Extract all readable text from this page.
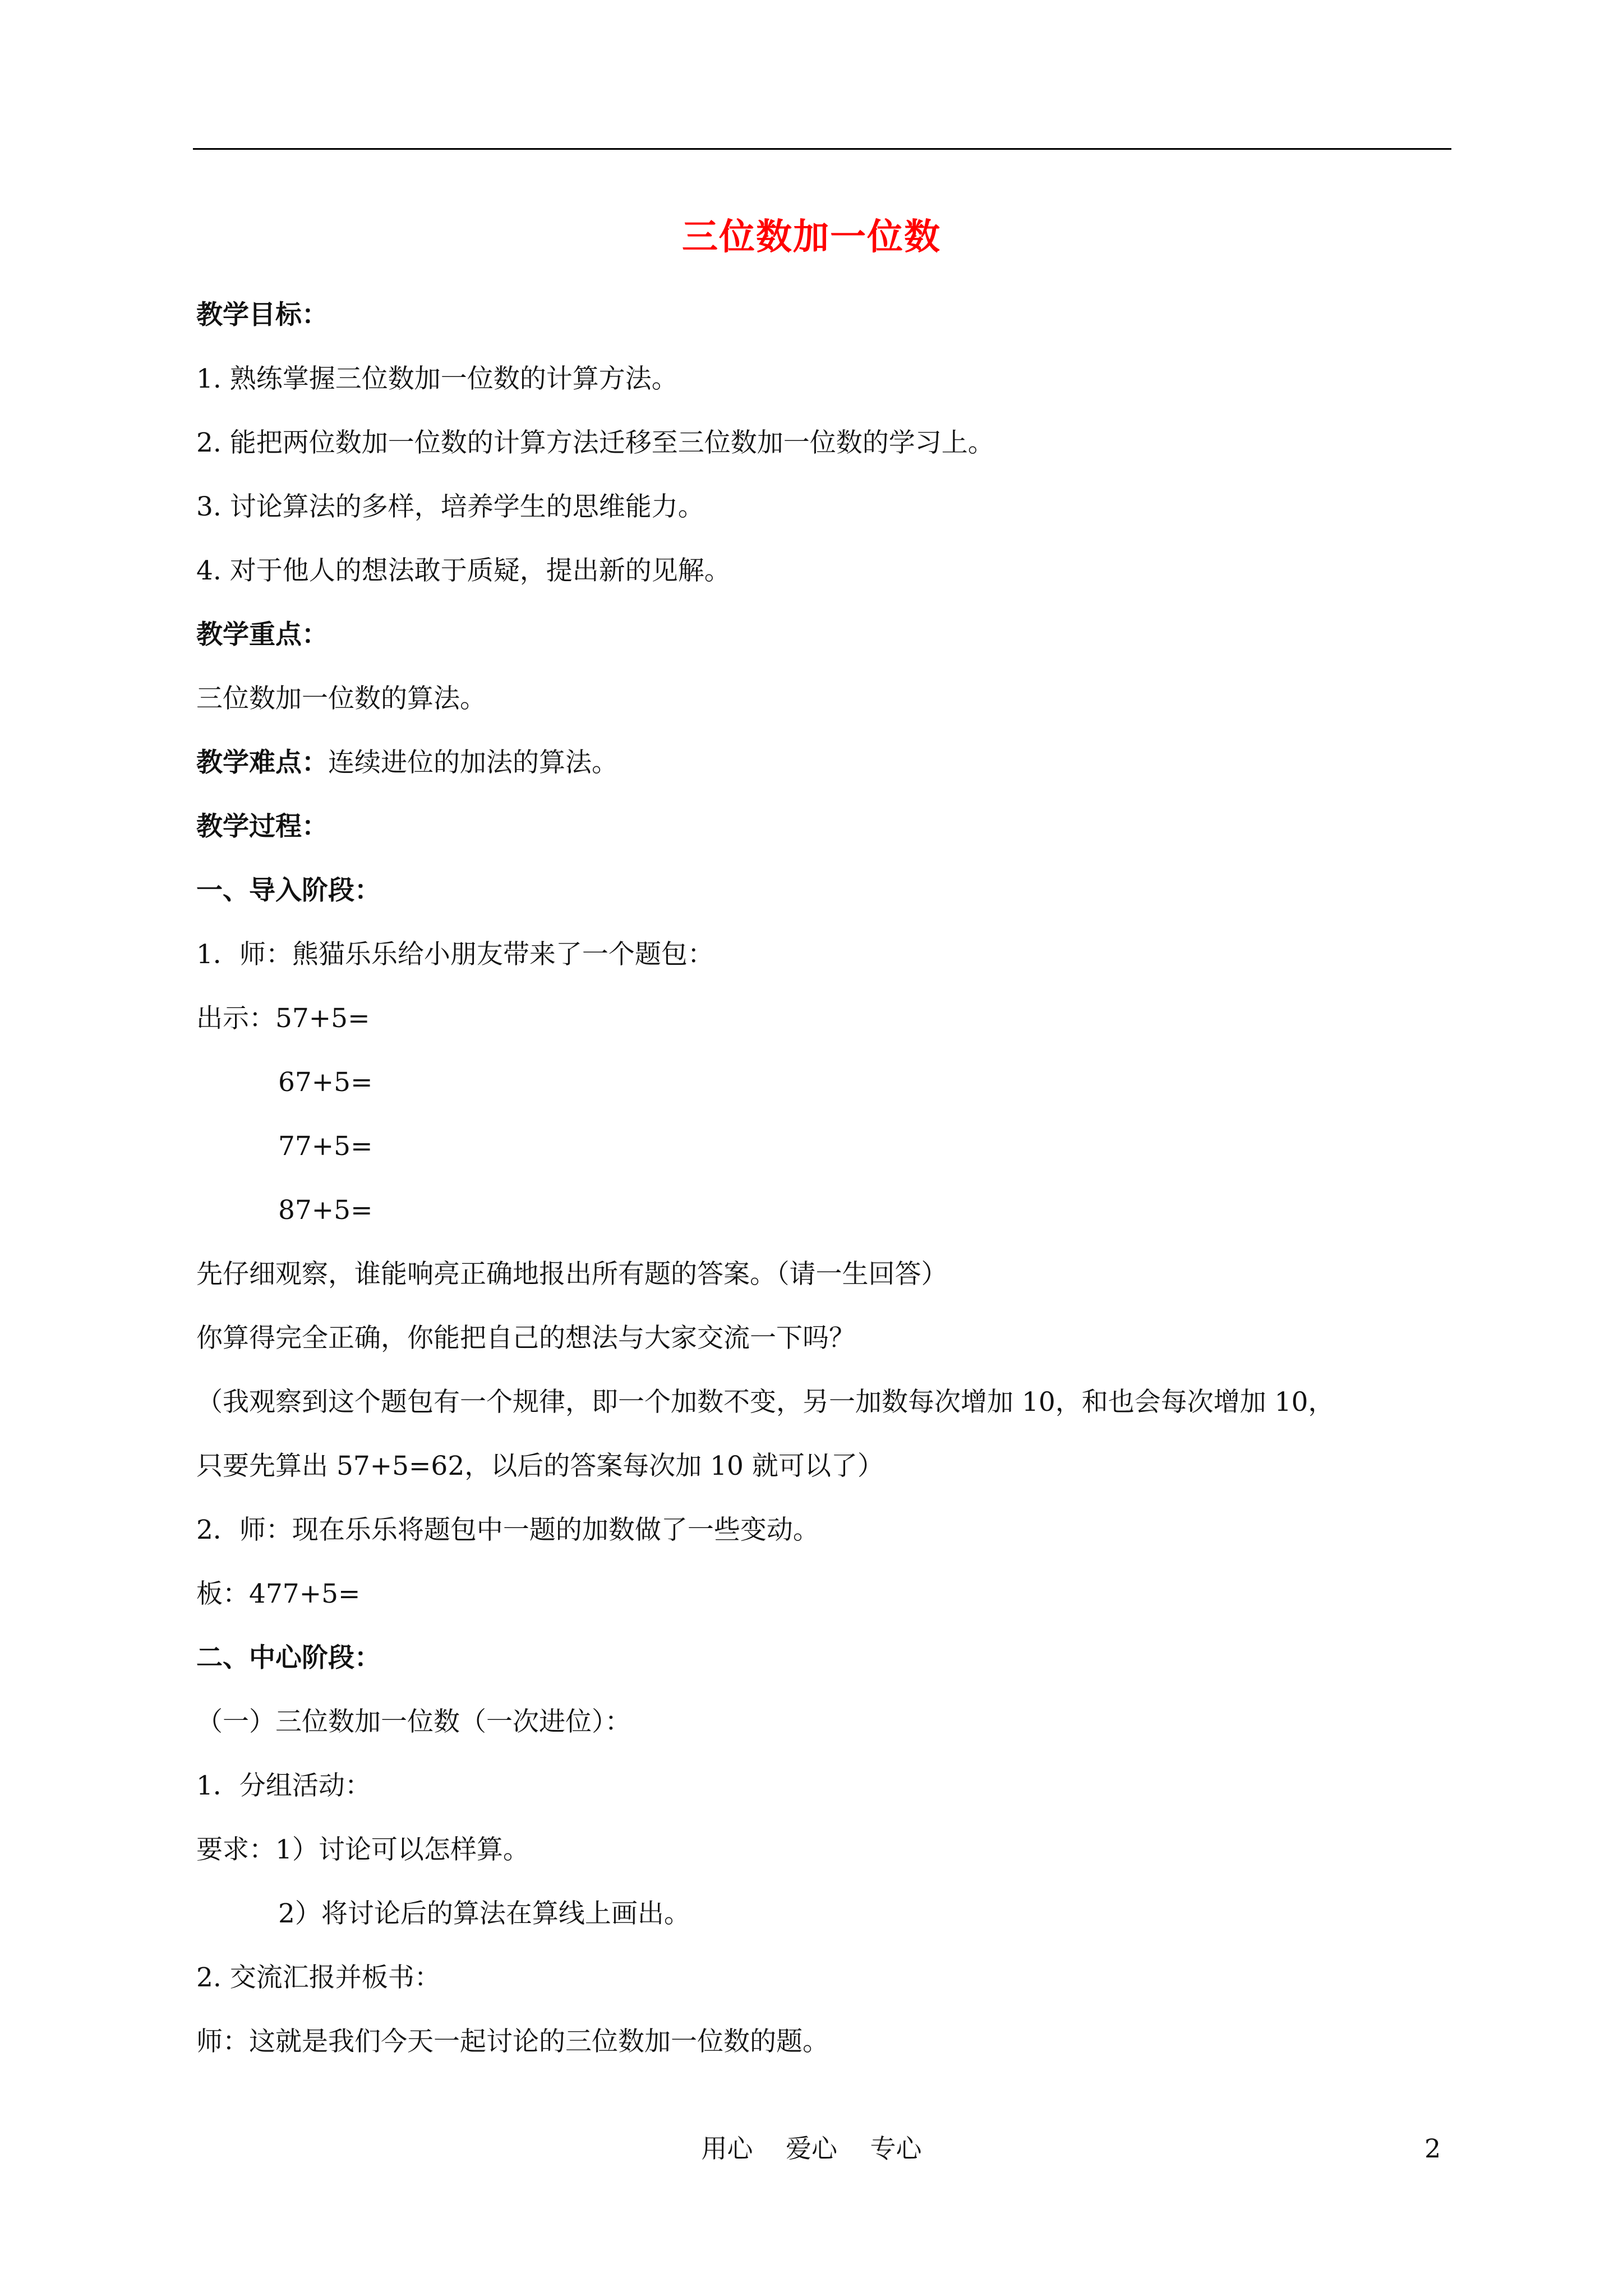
三位数加一位数
教学目标：
1. 熟练掌握三位数加一位数的计算方法。
2. 能把两位数加一位数的计算方法迁移至三位数加一位数的学习上。
3. 讨论算法的多样，培养学生的思维能力。
4. 对于他人的想法敢于质疑，提出新的见解。
教学重点：
三位数加一位数的算法。
教学难点：连续进位的加法的算法。
教学过程：
一、导入阶段：
1．师：熊猫乐乐给小朋友带来了一个题包：
出示：57+5=
67+5=
77+5=
87+5=
先仔细观察，谁能响亮正确地报出所有题的答案。（请一生回答）
你算得完全正确，你能把自己的想法与大家交流一下吗？
（我观察到这个题包有一个规律，即一个加数不变，另一加数每次增加 10，和也会每次增加 10，
只要先算出 57+5=62，以后的答案每次加 10 就可以了）
2．师：现在乐乐将题包中一题的加数做了一些变动。
板：477+5=
二、中心阶段：
（一）三位数加一位数（一次进位）：
1．分组活动：
要求：1）讨论可以怎样算。
2）将讨论后的算法在算线上画出。
2. 交流汇报并板书：
师：这就是我们今天一起讨论的三位数加一位数的题。
用心    爱心    专心	2
